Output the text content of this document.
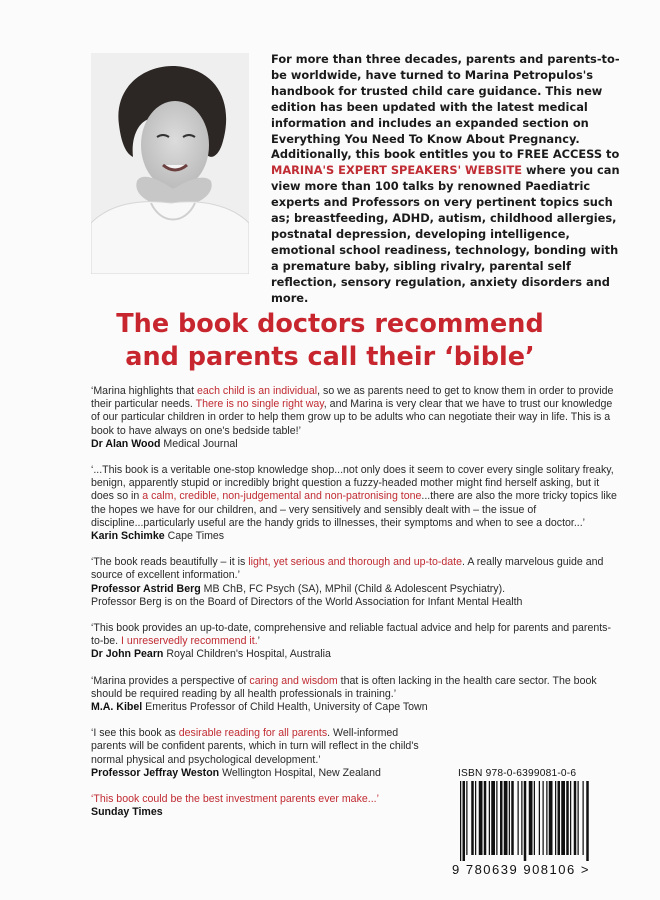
For more than three decades, parents and parents-to-be worldwide, have turned to Marina Petropulos's handbook for trusted child care guidance. This new edition has been updated with the latest medical information and includes an expanded section on Everything You Need To Know About Pregnancy. Additionally, this book entitles you to FREE ACCESS to MARINA'S EXPERT SPEAKERS' WEBSITE where you can view more than 100 talks by renowned Paediatric experts and Professors on very pertinent topics such as; breastfeeding, ADHD, autism, childhood allergies, postnatal depression, developing intelligence, emotional school readiness, technology, bonding with a premature baby, sibling rivalry, parental self reflection, sensory regulation, anxiety disorders and more.
The book doctors recommend
and parents call their ‘bible’

‘Marina highlights that each child is an individual, so we as parents need to get to know them in order to provide their particular needs. There is no single right way, and Marina is very clear that we have to trust our knowledge of our particular children in order to help them grow up to be adults who can negotiate their way in life. This is a book to have always on one's bedside table!’

Dr Alan Wood Medical Journal

‘...This book is a veritable one-stop knowledge shop...not only does it seem to cover every single solitary freaky, benign, apparently stupid or incredibly bright question a fuzzy-headed mother might find herself asking, but it does so in a calm, credible, non-judgemental and non-patronising tone...there are also the more tricky topics like the hopes we have for our children, and – very sensitively and sensibly dealt with – the issue of discipline...particularly useful are the handy grids to illnesses, their symptoms and when to see a doctor...’

Karin Schimke Cape Times

‘The book reads beautifully – it is light, yet serious and thorough and up-to-date. A really marvelous guide and source of excellent information.’

Professor Astrid Berg MB ChB, FC Psych (SA), MPhil (Child & Adolescent Psychiatry).

Professor Berg is on the Board of Directors of the World Association for Infant Mental Health

‘This book provides an up-to-date, comprehensive and reliable factual advice and help for parents and parents-to-be. I unreservedly recommend it.’

Dr John Pearn Royal Children's Hospital, Australia

‘Marina provides a perspective of caring and wisdom that is often lacking in the health care sector. The book should be required reading by all health professionals in training.’

M.A. Kibel Emeritus Professor of Child Health, University of Cape Town

‘I see this book as desirable reading for all parents. Well-informed parents will be confident parents, which in turn will reflect in the child's normal physical and psychological development.’

Professor Jeffray Weston Wellington Hospital, New Zealand

‘This book could be the best investment parents ever make...’

Sunday Times

ISBN 978-0-6399081-0-6
9 780639 908106 >
